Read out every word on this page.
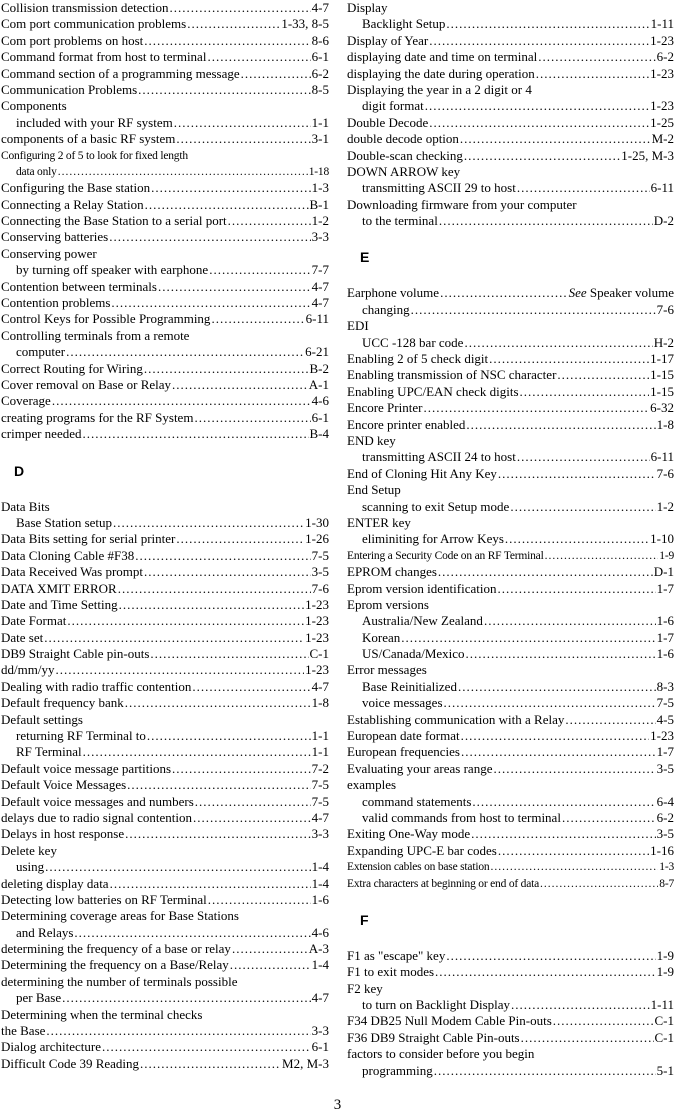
Collision transmission detection .....	4-7
Com port communication problems .....	1-33, 8-5
Com port problems on host .....	8-6
Command format from host to terminal .....	6-1
Command section of a programming message .....	6-2
Communication Problems .....	8-5
Components
included with your RF system .....	1-1
components of a basic RF system .....	3-1
Configuring 2 of 5 to look for fixed length
data only .....	1-18
Configuring the Base station .....	1-3
Connecting a Relay Station .....	B-1
Connecting the Base Station to a serial port .....	1-2
Conserving batteries .....	3-3
Conserving power
by turning off speaker with earphone .....	7-7
Contention between terminals .....	4-7
Contention problems .....	4-7
Control Keys for Possible Programming .....	6-11
Controlling terminals from a remote
computer .....	6-21
Correct Routing for Wiring .....	B-2
Cover removal on Base or Relay .....	A-1
Coverage .....	4-6
creating programs for the RF System .....	6-1
crimper needed .....	B-4
D
Data Bits
Base Station setup .....	1-30
Data Bits setting for serial printer .....	1-26
Data Cloning Cable #F38 .....	7-5
Data Received Was prompt .....	3-5
DATA XMIT ERROR .....	7-6
Date and Time Setting .....	1-23
Date Format .....	1-23
Date set .....	1-23
DB9 Straight Cable pin-outs .....	C-1
dd/mm/yy .....	1-23
Dealing with radio traffic contention .....	4-7
Default frequency bank .....	1-8
Default settings
returning RF Terminal to .....	1-1
RF Terminal .....	1-1
Default voice message partitions .....	7-2
Default Voice Messages .....	7-5
Default voice messages and numbers .....	7-5
delays due to radio signal contention .....	4-7
Delays in host response .....	3-3
Delete key
using .....	1-4
deleting display data .....	1-4
Detecting low batteries on RF Terminal .....	1-6
Determining coverage areas for Base Stations
and Relays .....	4-6
determining the frequency of a base or relay .....	A-3
Determining the frequency on a Base/Relay .....	1-4
determining the number of terminals possible
per Base .....	4-7
Determining when the terminal checks
the Base .....	3-3
Dialog architecture .....	6-1
Difficult Code 39 Reading .....	M2, M-3
Display
Backlight Setup .....	1-11
Display of Year .....	1-23
displaying date and time on terminal .....	6-2
displaying the date during operation .....	1-23
Displaying the year in a 2 digit or 4
digit format .....	1-23
Double Decode .....	1-25
double decode option .....	M-2
Double-scan checking .....	1-25, M-3
DOWN ARROW key
transmitting ASCII 29 to host .....	6-11
Downloading firmware from your computer
to the terminal .....	D-2
E
Earphone volume .....	See Speaker volume
changing .....	7-6
EDI
UCC -128 bar code .....	H-2
Enabling 2 of 5 check digit .....	1-17
Enabling transmission of NSC character .....	1-15
Enabling UPC/EAN check digits .....	1-15
Encore Printer .....	6-32
Encore printer enabled .....	1-8
END key
transmitting ASCII 24 to host .....	6-11
End of Cloning Hit Any Key .....	7-6
End Setup
scanning to exit Setup mode .....	1-2
ENTER key
eliminiting for Arrow Keys .....	1-10
Entering a Security Code on an RF Terminal .....	1-9
EPROM changes .....	D-1
Eprom version identification .....	1-7
Eprom versions
Australia/New Zealand .....	1-6
Korean .....	1-7
US/Canada/Mexico .....	1-6
Error messages
Base Reinitialized .....	8-3
voice messages .....	7-5
Establishing communication with a Relay .....	4-5
European date format .....	1-23
European frequencies .....	1-7
Evaluating your areas range .....	3-5
examples
command statements .....	6-4
valid commands from host to terminal .....	6-2
Exiting One-Way mode .....	3-5
Expanding UPC-E bar codes .....	1-16
Extension cables on base station .....	1-3
Extra characters at beginning or end of data .....	8-7
F
F1 as "escape" key .....	1-9
F1 to exit modes .....	1-9
F2 key
to turn on Backlight Display .....	1-11
F34 DB25 Null Modem Cable Pin-outs .....	C-1
F36 DB9 Straight Cable Pin-outs .....	C-1
factors to consider before you begin
programming .....	5-1
3
